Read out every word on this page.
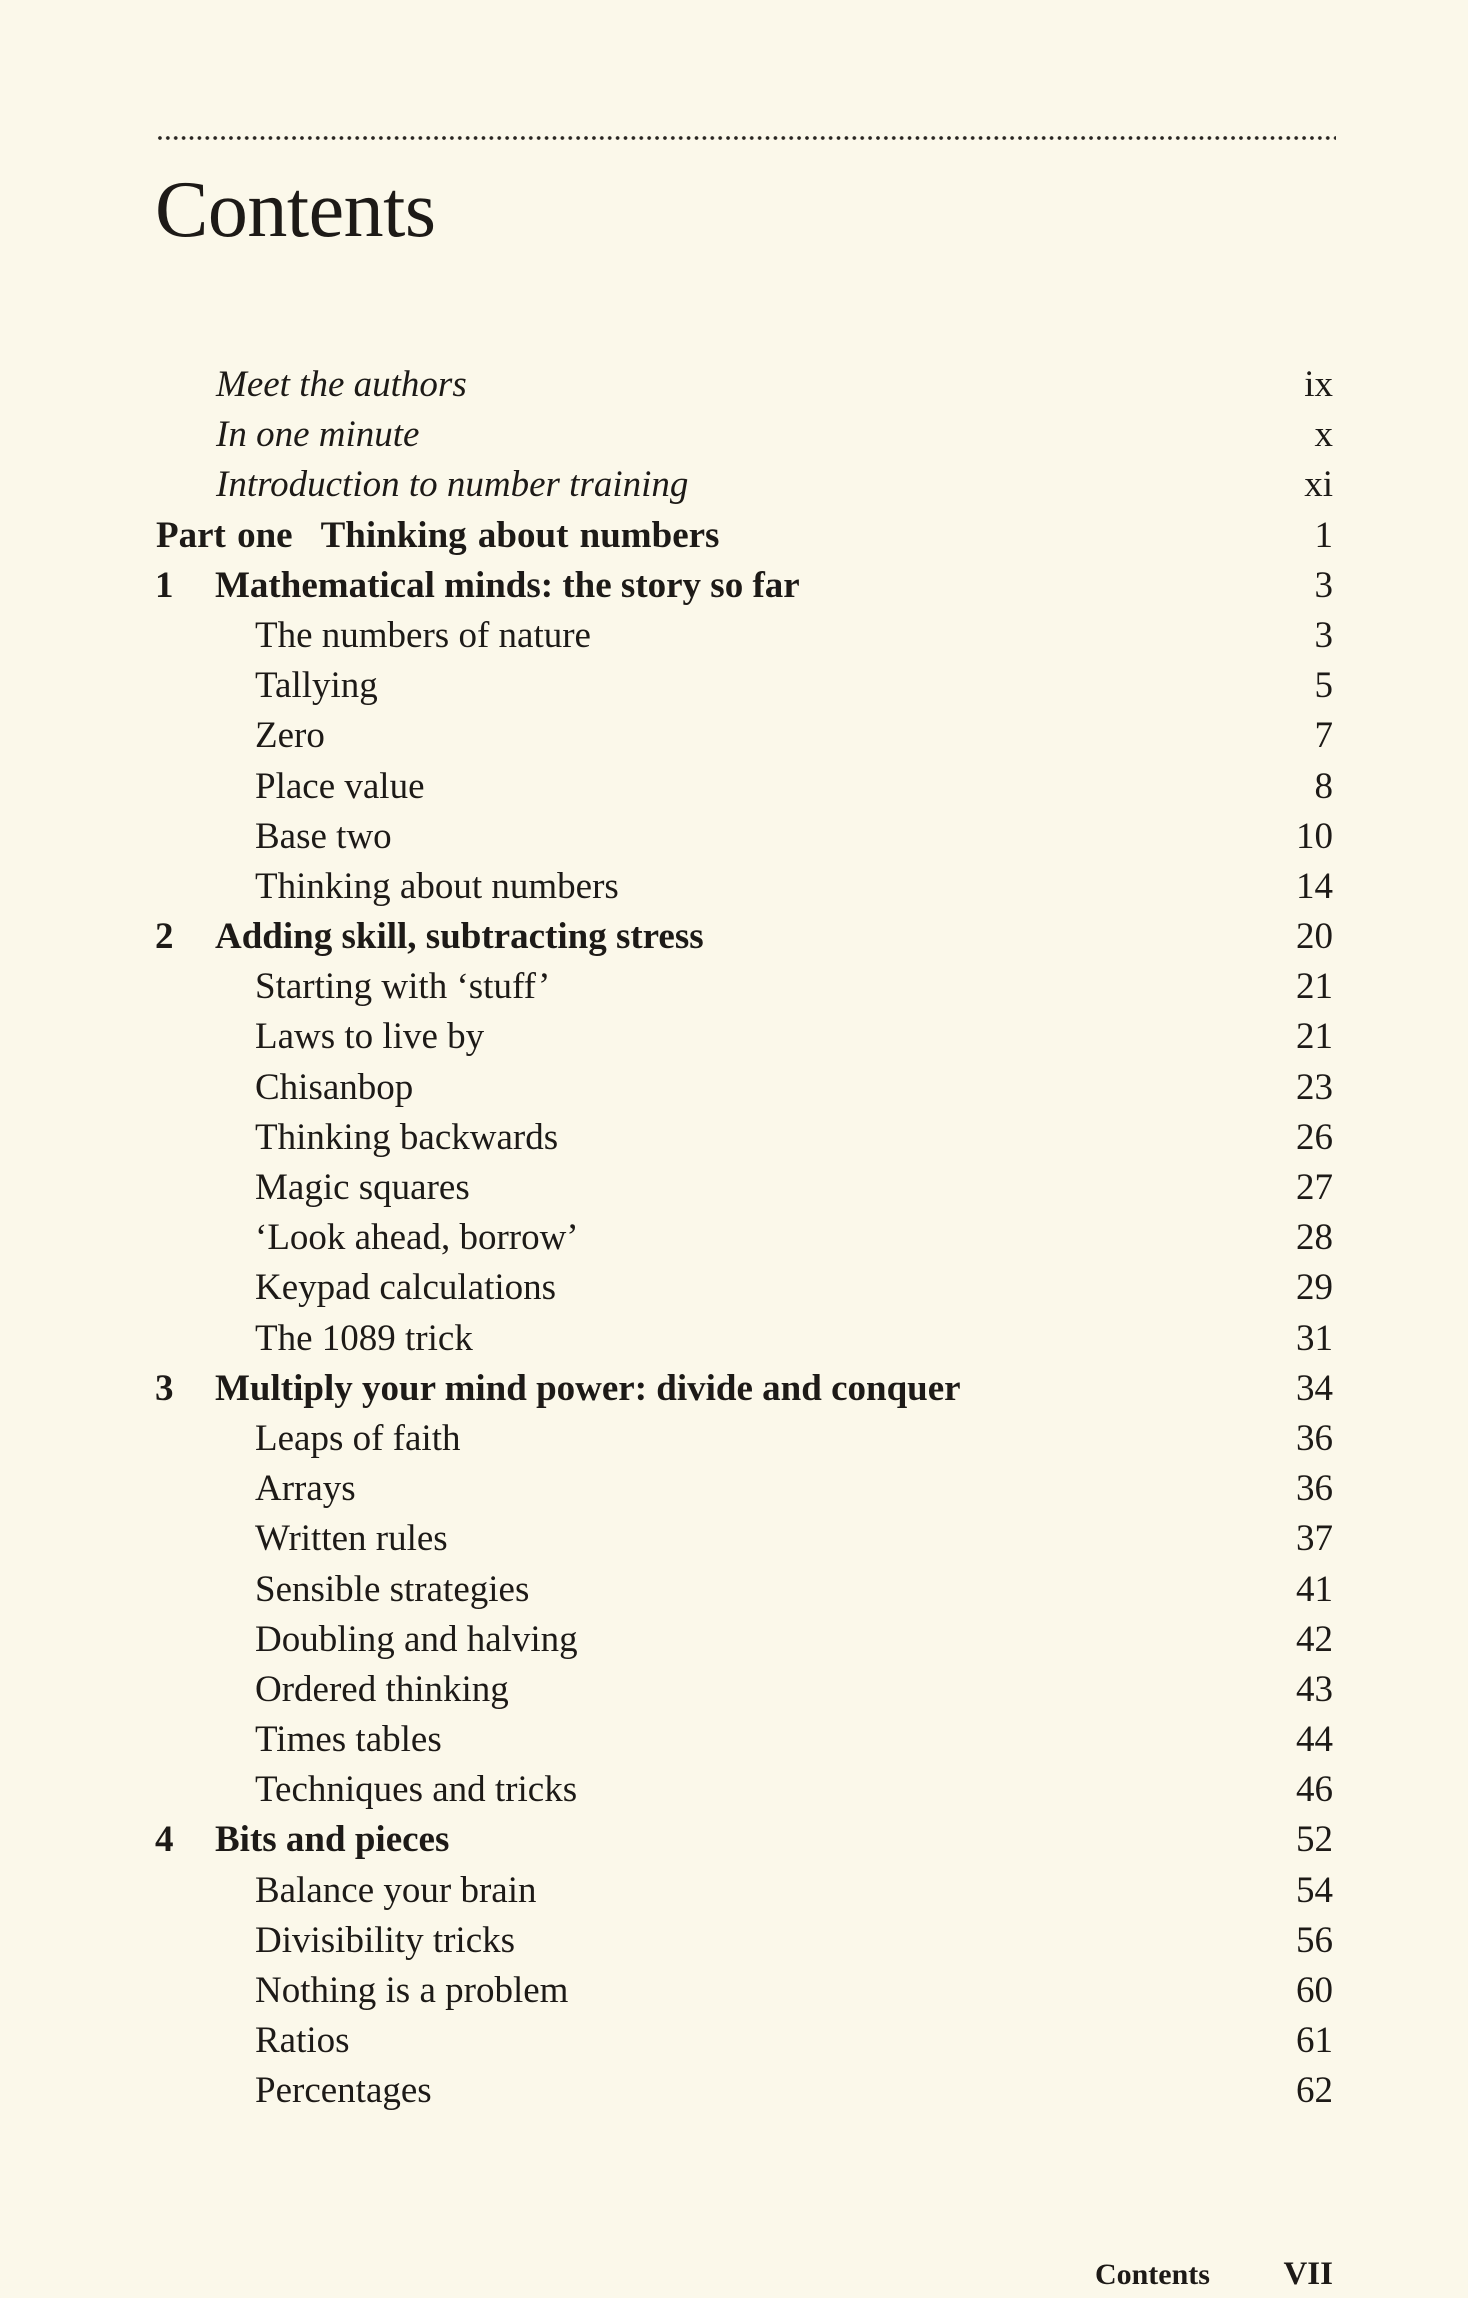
Contents
Meet the authors	ix
In one minute	x
Introduction to number training	xi
Part one Thinking about numbers	1
1 Mathematical minds: the story so far	3
The numbers of nature	3
Tallying	5
Zero	7
Place value	8
Base two	10
Thinking about numbers	14
2 Adding skill, subtracting stress	20
Starting with ‘stuff’	21
Laws to live by	21
Chisanbop	23
Thinking backwards	26
Magic squares	27
‘Look ahead, borrow’	28
Keypad calculations	29
The 1089 trick	31
3 Multiply your mind power: divide and conquer	34
Leaps of faith	36
Arrays	36
Written rules	37
Sensible strategies	41
Doubling and halving	42
Ordered thinking	43
Times tables	44
Techniques and tricks	46
4 Bits and pieces	52
Balance your brain	54
Divisibility tricks	56
Nothing is a problem	60
Ratios	61
Percentages	62
Contents VII
